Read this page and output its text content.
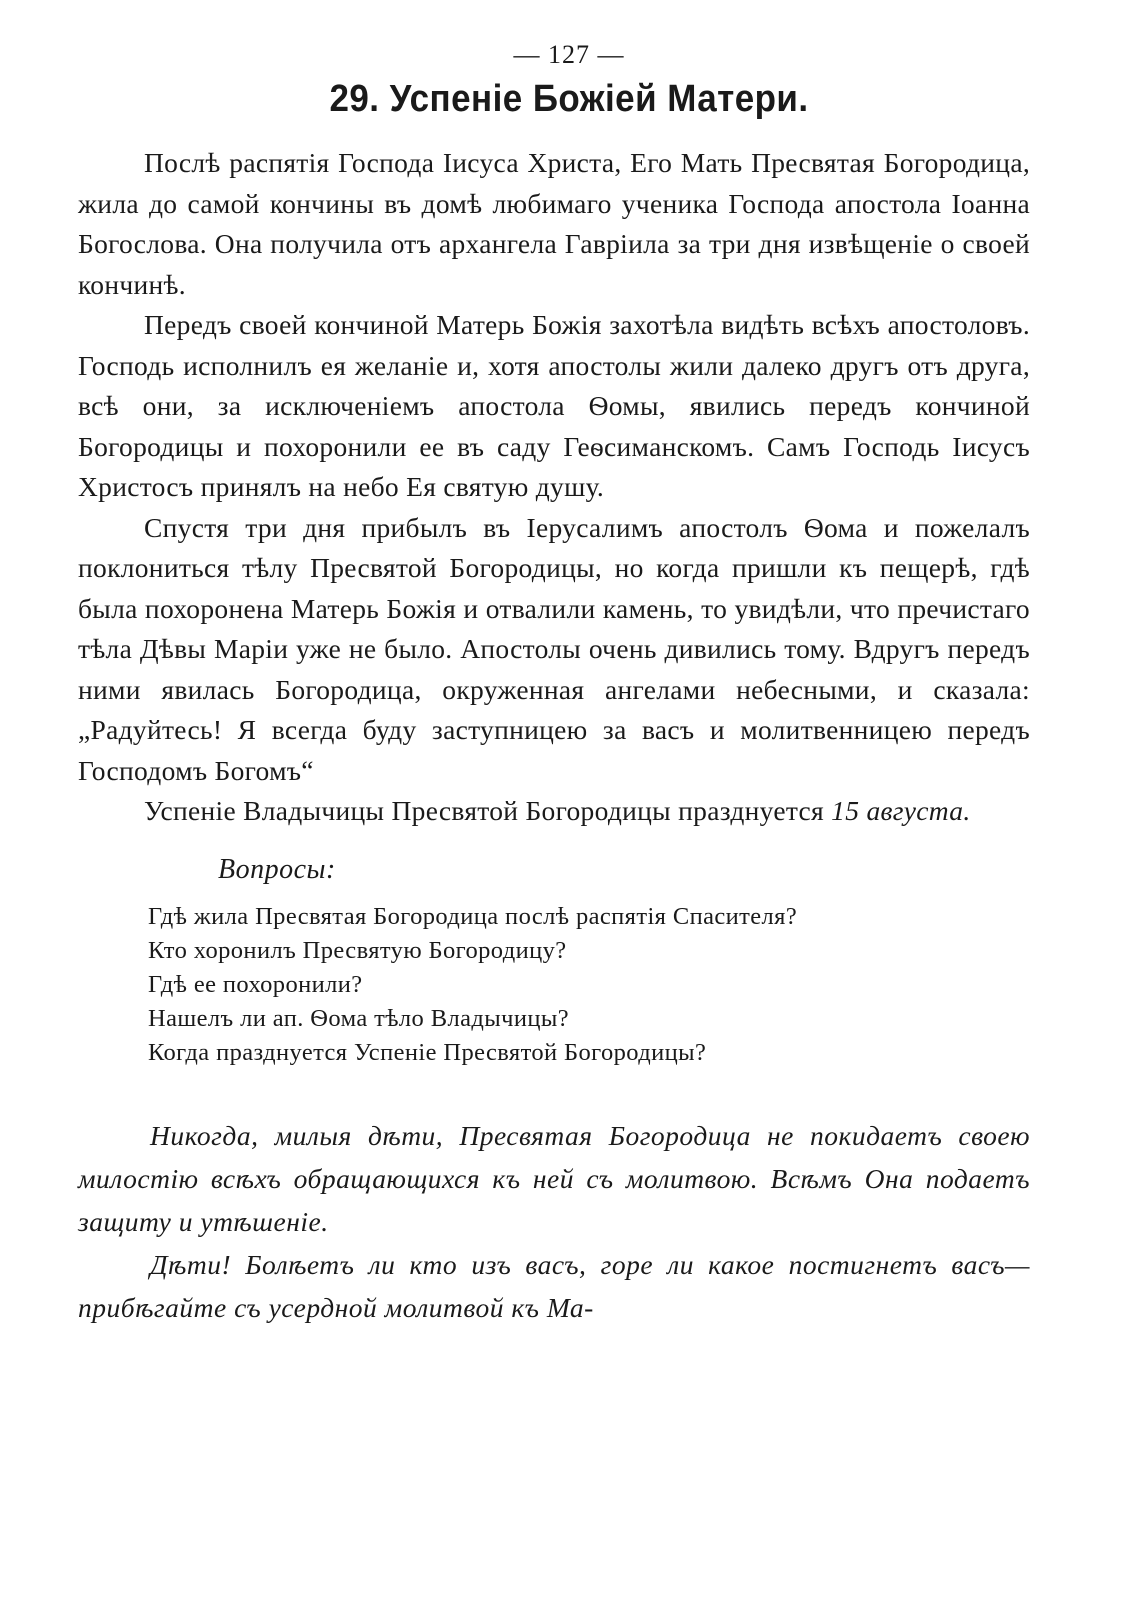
— 127 —
29. Успеніе Божіей Матери.

Послѣ распятія Господа Іисуса Христа, Его Мать Пресвятая Богородица, жила до самой кончины въ домѣ любимаго ученика Господа апостола Іоанна Богослова. Она получила отъ архангела Гавріила за три дня извѣщеніе о своей кончинѣ.

Передъ своей кончиной Матерь Божія захотѣла видѣть всѣхъ апостоловъ. Господь исполнилъ ея желаніе и, хотя апостолы жили далеко другъ отъ друга, всѣ они, за исключеніемъ апостола Ѳомы, явились передъ кончиной Богородицы и похоронили ее въ саду Геѳсиманскомъ. Самъ Господь Іисусъ Христосъ принялъ на небо Ея святую душу.

Спустя три дня прибылъ въ Іерусалимъ апостолъ Ѳома и пожелалъ поклониться тѣлу Пресвятой Богородицы, но когда пришли къ пещерѣ, гдѣ была похоронена Матерь Божія и отвалили камень, то увидѣли, что пречистаго тѣла Дѣвы Маріи уже не было. Апостолы очень дивились тому. Вдругъ передъ ними явилась Богородица, окруженная ангелами небесными, и сказала: „Радуйтесь! Я всегда буду заступницею за васъ и молитвенницею передъ Господомъ Богомъ“

Успеніе Владычицы Пресвятой Богородицы празднуется 15 августа.

Вопросы:
Гдѣ жила Пресвятая Богородица послѣ распятія Спасителя?
Кто хоронилъ Пресвятую Богородицу?
Гдѣ ее похоронили?
Нашелъ ли ап. Ѳома тѣло Владычицы?
Когда празднуется Успеніе Пресвятой Богородицы?

Никогда, милыя дѣти, Пресвятая Богородица не покидаетъ своею милостію всѣхъ обращающихся къ ней съ молитвою. Всѣмъ Она подаетъ защиту и утѣшеніе.

Дѣти! Болѣетъ ли кто изъ васъ, горе ли какое постигнетъ васъ—прибѣгайте съ усердной молитвой къ Ма-
